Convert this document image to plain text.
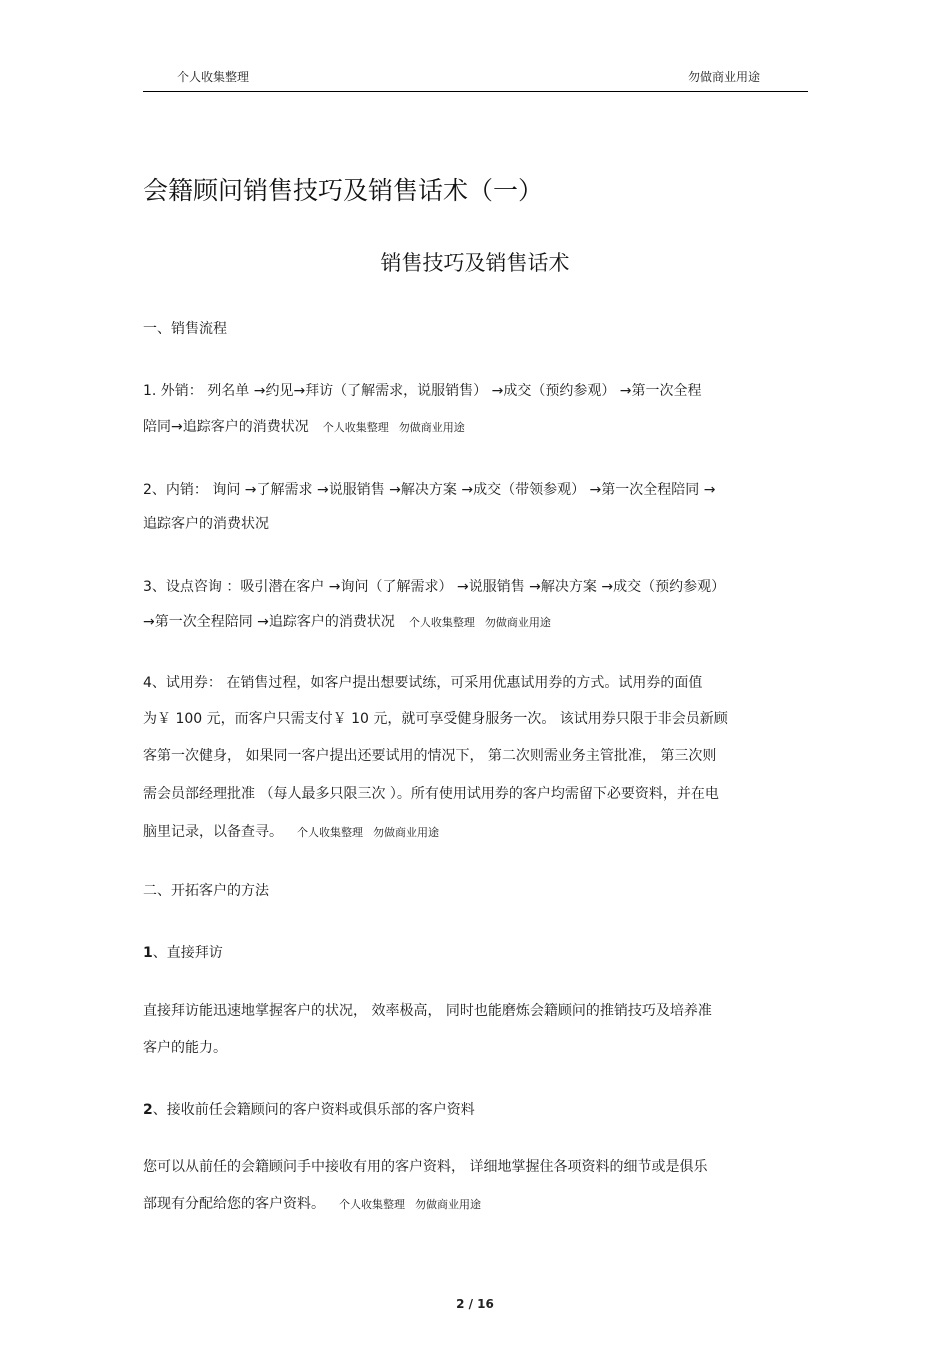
个人收集整理	勿做商业用途
会籍顾问销售技巧及销售话术（一）
销售技巧及销售话术
一、销售流程
1. 外销： 列名单 →约见→拜访（了解需求，说服销售） →成交（预约参观） →第一次全程
陪同→追踪客户的消费状况 个人收集整理 勿做商业用途
2、内销： 询问 →了解需求 →说服销售 →解决方案 →成交（带领参观） →第一次全程陪同 →
追踪客户的消费状况
3、设点咨询 ：吸引潜在客户 →询问（了解需求） →说服销售 →解决方案 →成交（预约参观）
→第一次全程陪同 →追踪客户的消费状况 个人收集整理 勿做商业用途
4、试用券： 在销售过程，如客户提出想要试练，可采用优惠试用券的方式。试用券的面值
为￥ 100 元，而客户只需支付￥ 10 元，就可享受健身服务一次。 该试用券只限于非会员新顾
客第一次健身， 如果同一客户提出还要试用的情况下， 第二次则需业务主管批准， 第三次则
需会员部经理批准 （每人最多只限三次 ）。所有使用试用券的客户均需留下必要资料，并在电
脑里记录，以备查寻。 个人收集整理 勿做商业用途
二、开拓客户的方法
1、直接拜访
直接拜访能迅速地掌握客户的状况， 效率极高， 同时也能磨炼会籍顾问的推销技巧及培养准
客户的能力。
2、接收前任会籍顾问的客户资料或俱乐部的客户资料
您可以从前任的会籍顾问手中接收有用的客户资料， 详细地掌握住各项资料的细节或是俱乐
部现有分配给您的客户资料。 个人收集整理 勿做商业用途
2 / 16
